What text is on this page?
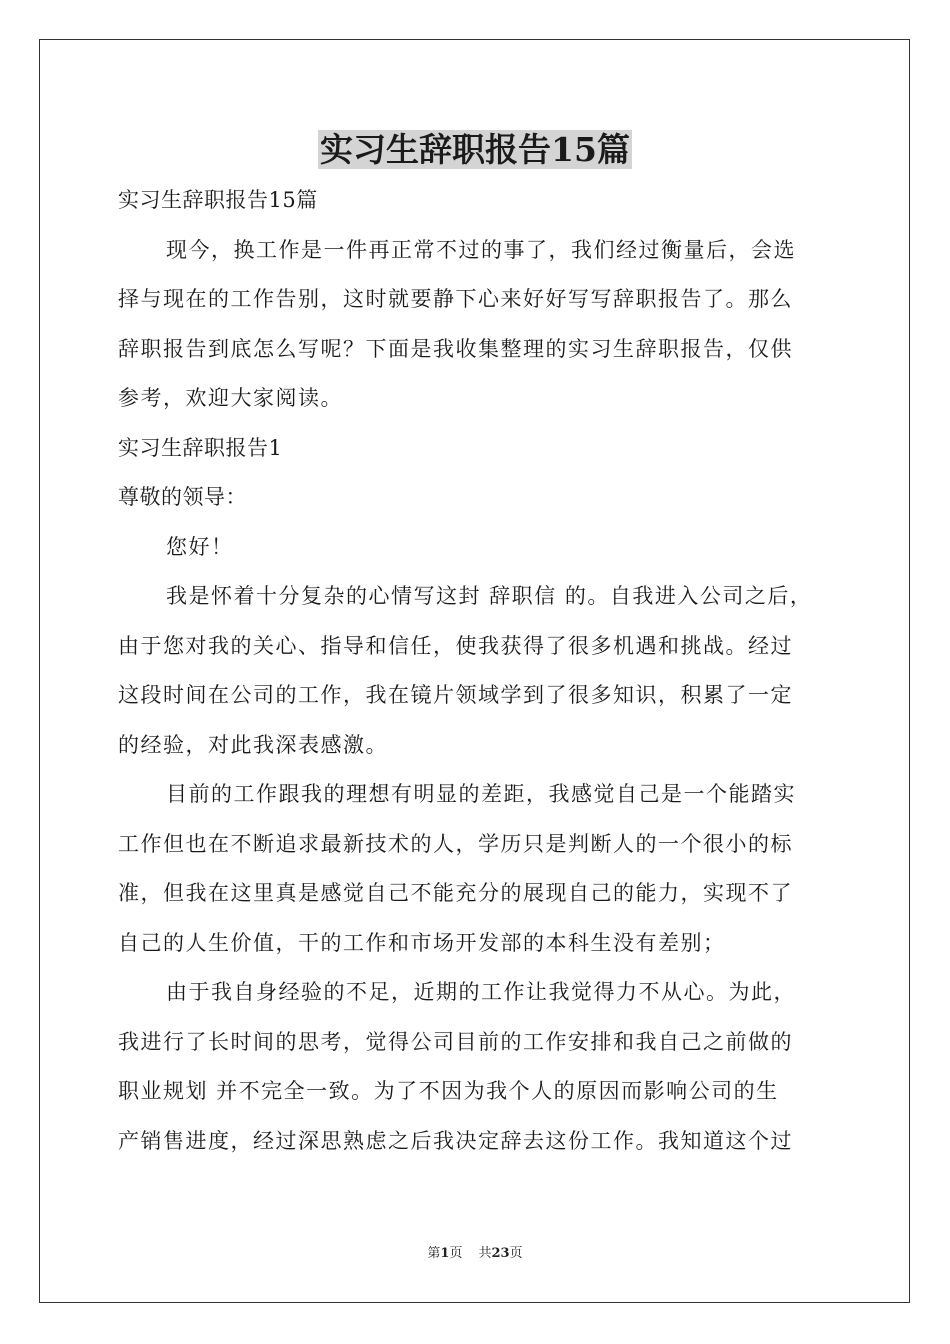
实习生辞职报告15篇
实习生辞职报告15篇
现今，换工作是一件再正常不过的事了，我们经过衡量后，会选
择与现在的工作告别，这时就要静下心来好好写写辞职报告了。那么
辞职报告到底怎么写呢？下面是我收集整理的实习生辞职报告，仅供
参考，欢迎大家阅读。
实习生辞职报告1
尊敬的领导：
您好！
我是怀着十分复杂的心情写这封 辞职信 的。自我进入公司之后，
由于您对我的关心、指导和信任，使我获得了很多机遇和挑战。经过
这段时间在公司的工作，我在镜片领域学到了很多知识，积累了一定
的经验，对此我深表感激。
目前的工作跟我的理想有明显的差距，我感觉自己是一个能踏实
工作但也在不断追求最新技术的人，学历只是判断人的一个很小的标
准，但我在这里真是感觉自己不能充分的展现自己的能力，实现不了
自己的人生价值，干的工作和市场开发部的本科生没有差别；
由于我自身经验的不足，近期的工作让我觉得力不从心。为此，
我进行了长时间的思考，觉得公司目前的工作安排和我自己之前做的
职业规划 并不完全一致。为了不因为我个人的原因而影响公司的生
产销售进度，经过深思熟虑之后我决定辞去这份工作。我知道这个过
第1页 共23页
